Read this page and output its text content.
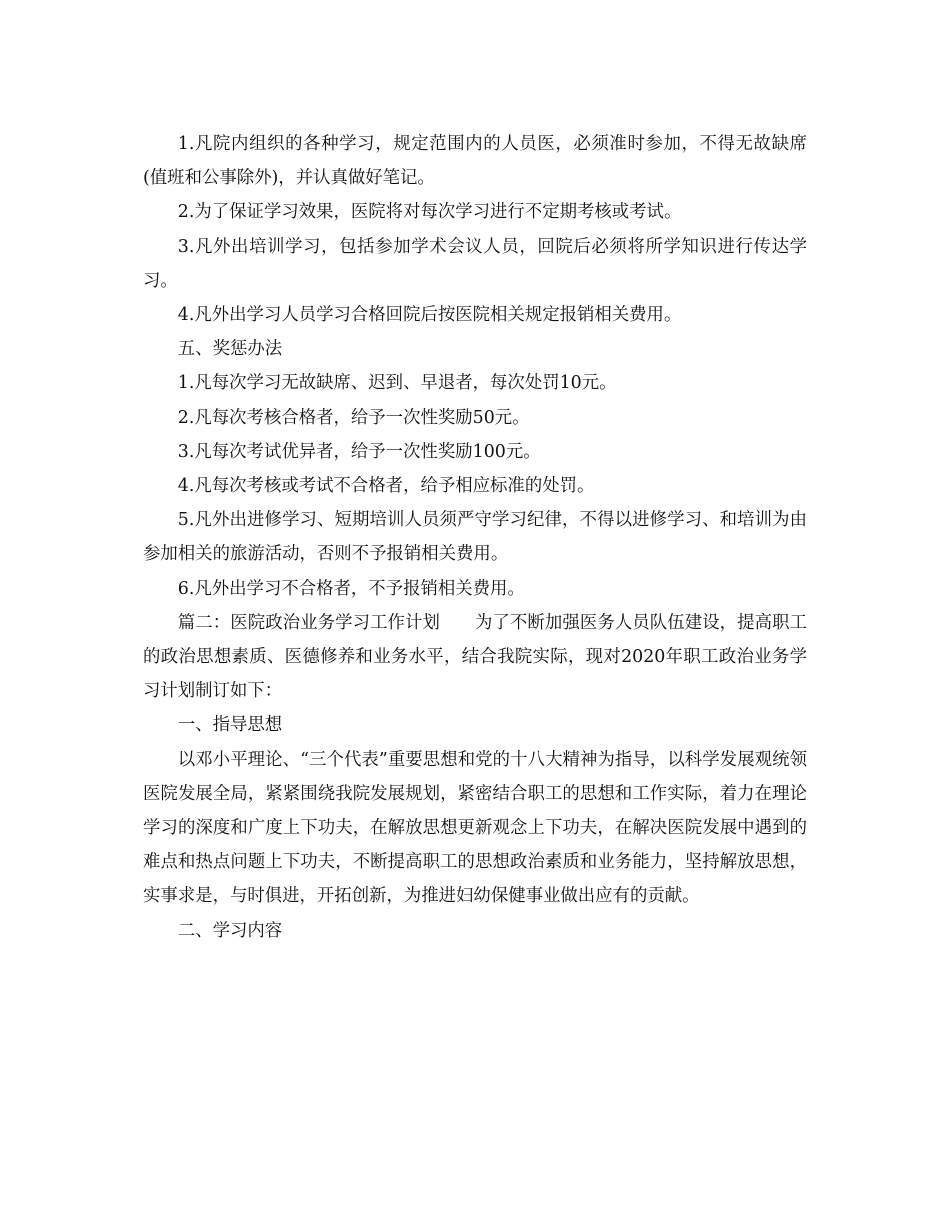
1.凡院内组织的各种学习，规定范围内的人员医，必须准时参加，不得无故缺席(值班和公事除外)，并认真做好笔记。

2.为了保证学习效果，医院将对每次学习进行不定期考核或考试。

3.凡外出培训学习，包括参加学术会议人员，回院后必须将所学知识进行传达学习。

4.凡外出学习人员学习合格回院后按医院相关规定报销相关费用。

五、奖惩办法

1.凡每次学习无故缺席、迟到、早退者，每次处罚10元。

2.凡每次考核合格者，给予一次性奖励50元。

3.凡每次考试优异者，给予一次性奖励100元。

4.凡每次考核或考试不合格者，给予相应标准的处罚。

5.凡外出进修学习、短期培训人员须严守学习纪律，不得以进修学习、和培训为由参加相关的旅游活动，否则不予报销相关费用。

6.凡外出学习不合格者，不予报销相关费用。

篇二：医院政治业务学习工作计划　　为了不断加强医务人员队伍建设，提高职工的政治思想素质、医德修养和业务水平，结合我院实际，现对2020年职工政治业务学习计划制订如下：

一、指导思想

以邓小平理论、“三个代表”重要思想和党的十八大精神为指导，以科学发展观统领医院发展全局，紧紧围绕我院发展规划，紧密结合职工的思想和工作实际，着力在理论学习的深度和广度上下功夫，在解放思想更新观念上下功夫，在解决医院发展中遇到的难点和热点问题上下功夫，不断提高职工的思想政治素质和业务能力，坚持解放思想，实事求是，与时俱进，开拓创新，为推进妇幼保健事业做出应有的贡献。

二、学习内容
